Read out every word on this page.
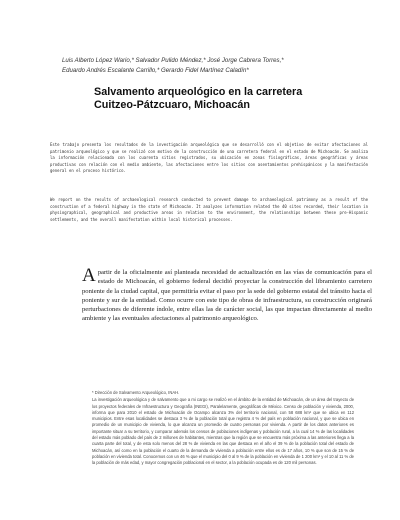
Luis Alberto López Wario,* Salvador Pulido Méndez,* José Jorge Cabrera Torres,*
Eduardo Andrés Escalante Carrillo,* Gerardo Fidel Martínez Caladín*
Salvamento arqueológico en la carretera
Cuitzeo-Pátzcuaro, Michoacán

Este trabajo presenta los resultados de la investigación arqueológica que se desarrolló con el objetivo de evitar afectaciones al patrimonio arqueológico y que se realizó con motivo de la construcción de una carretera federal en el estado de Michoacán. Se analiza la información relacionada con los cuarenta sitios registrados, su ubicación en zonas fisiográficas, áreas geográficas y áreas productivas con relación con el medio ambiente, las afectaciones entre los sitios con asentamientos prehispánicos y la manifestación general en el proceso histórico.

We report on the results of archaeological research conducted to prevent damage to archaeological patrimony as a result of the construction of a federal highway in the state of Michoacán. It analyzes information related the 40 sites recorded, their location in physiographical, geographical and productive areas in relation to the environment, the relationships between these pre-Hispanic settlements, and the overall manifestation within local historical processes.

A partir de la oficialmente así planteada necesidad de actualización en las vías de comunicación para el estado de Michoacán, el gobierno federal decidió proyectar la construcción del libramiento carretero poniente de la ciudad capital, que permitiría evitar el paso por la sede del gobierno estatal del tránsito hacia el poniente y sur de la entidad. Como ocurre con este tipo de obras de infraestructura, su construcción originará perturbaciones de diferente índole, entre ellas las de carácter social, las que impactan directamente al medio ambiente y las eventuales afectaciones al patrimonio arqueológico.

* Dirección de Salvamento Arqueológico, INAH.
La investigación arqueológica y de salvamento que a mi cargo se realizó en el ámbito de la entidad de Michoacán, de un área del trayecto de los proyectos federales de Infraestructura y Geografía (INEGI), Paralelamente, geográficas de México. Censo de población y vivienda, 2000, informa que para 2010 el estado de Michoacán de Ocampo alcanza 3% del territorio nacional, con 58 688 km² que se ubica en 112 municipios. Entre esas localidades se destaca 3 % de la población total que registra 4 % del país en población nacional, y que se ubica en promedio de un municipio de vivienda, lo que alcanza un promedio de cuatro personas por vivienda. A partir de los datos anteriores es importante situar a su territorio, y comparar además los censos de poblaciones indígenas y población rural, a la cual 14 % de las localidades del estado más poblado del país de 2 millones de habitantes, mientras que la región que se encuentra más próxima a las anteriores llega a la cuarta parte del total, y de esta solo menos del 28 % de vivienda en las que destaca en el año el 39 % de la población total del estado de Michoacán, así como en la población el cuarto de la demanda de vivienda a población entre ellos es de 17 años, 10 % que son de 15 % de población en vivienda total. Conocemos con un 46 % que el municipio del 0 al 9 % de la población en vivienda de 1 200 km² y el 10 al 11 % de la población de más edad, y mayor congregación poblacional en el sector, a la población ocupada es de 120 mil personas.
